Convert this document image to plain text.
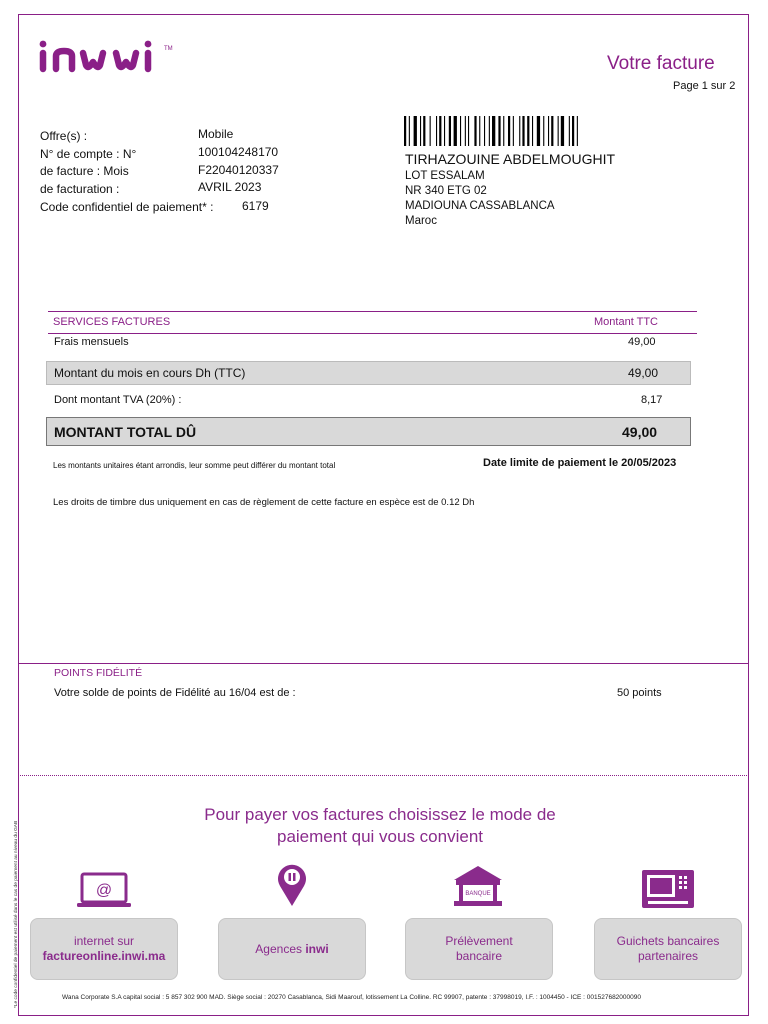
TM
Votre facture
Page 1 sur 2
Offre(s) :	Mobile
N° de compte : N°	100104248170
de facture : Mois	F22040120337
de facturation :	AVRIL 2023
Code confidentiel de paiement* : 6179
TIRHAZOUINE ABDELMOUGHIT
LOT ESSALAM
NR 340 ETG 02
MADIOUNA CASSABLANCA
Maroc
SERVICES FACTURES	Montant TTC
Frais mensuels	49,00
Montant du mois en cours Dh (TTC)	49,00
Dont montant TVA (20%) :	8,17
MONTANT TOTAL DÛ	49,00
Les montants unitaires étant arrondis, leur somme peut différer du montant total	Date limite de paiement le 20/05/2023
Les droits de timbre dus uniquement en cas de règlement de cette facture en espèce est de 0.12 Dh
POINTS FIDÉLITÉ
Votre solde de points de Fidélité au 16/04 est de :	50 points
Pour payer vos factures choisissez le mode de
paiement qui vous convient
@	BANQUE
internet sur
factureonline.inwi.ma
Agences inwi
Prélèvement
bancaire
Guichets bancaires
partenaires
Wana Corporate S.A capital social : 5 857 302 900 MAD. Siège social : 20270 Casablanca, Sidi Maarouf, lotissement La Colline. RC 99907, patente : 37998019, I.F. : 1004450 - ICE : 001527682000090
*Le code confidentiel de paiement est utilisé dans le cas de paiement au niveau du GAB
